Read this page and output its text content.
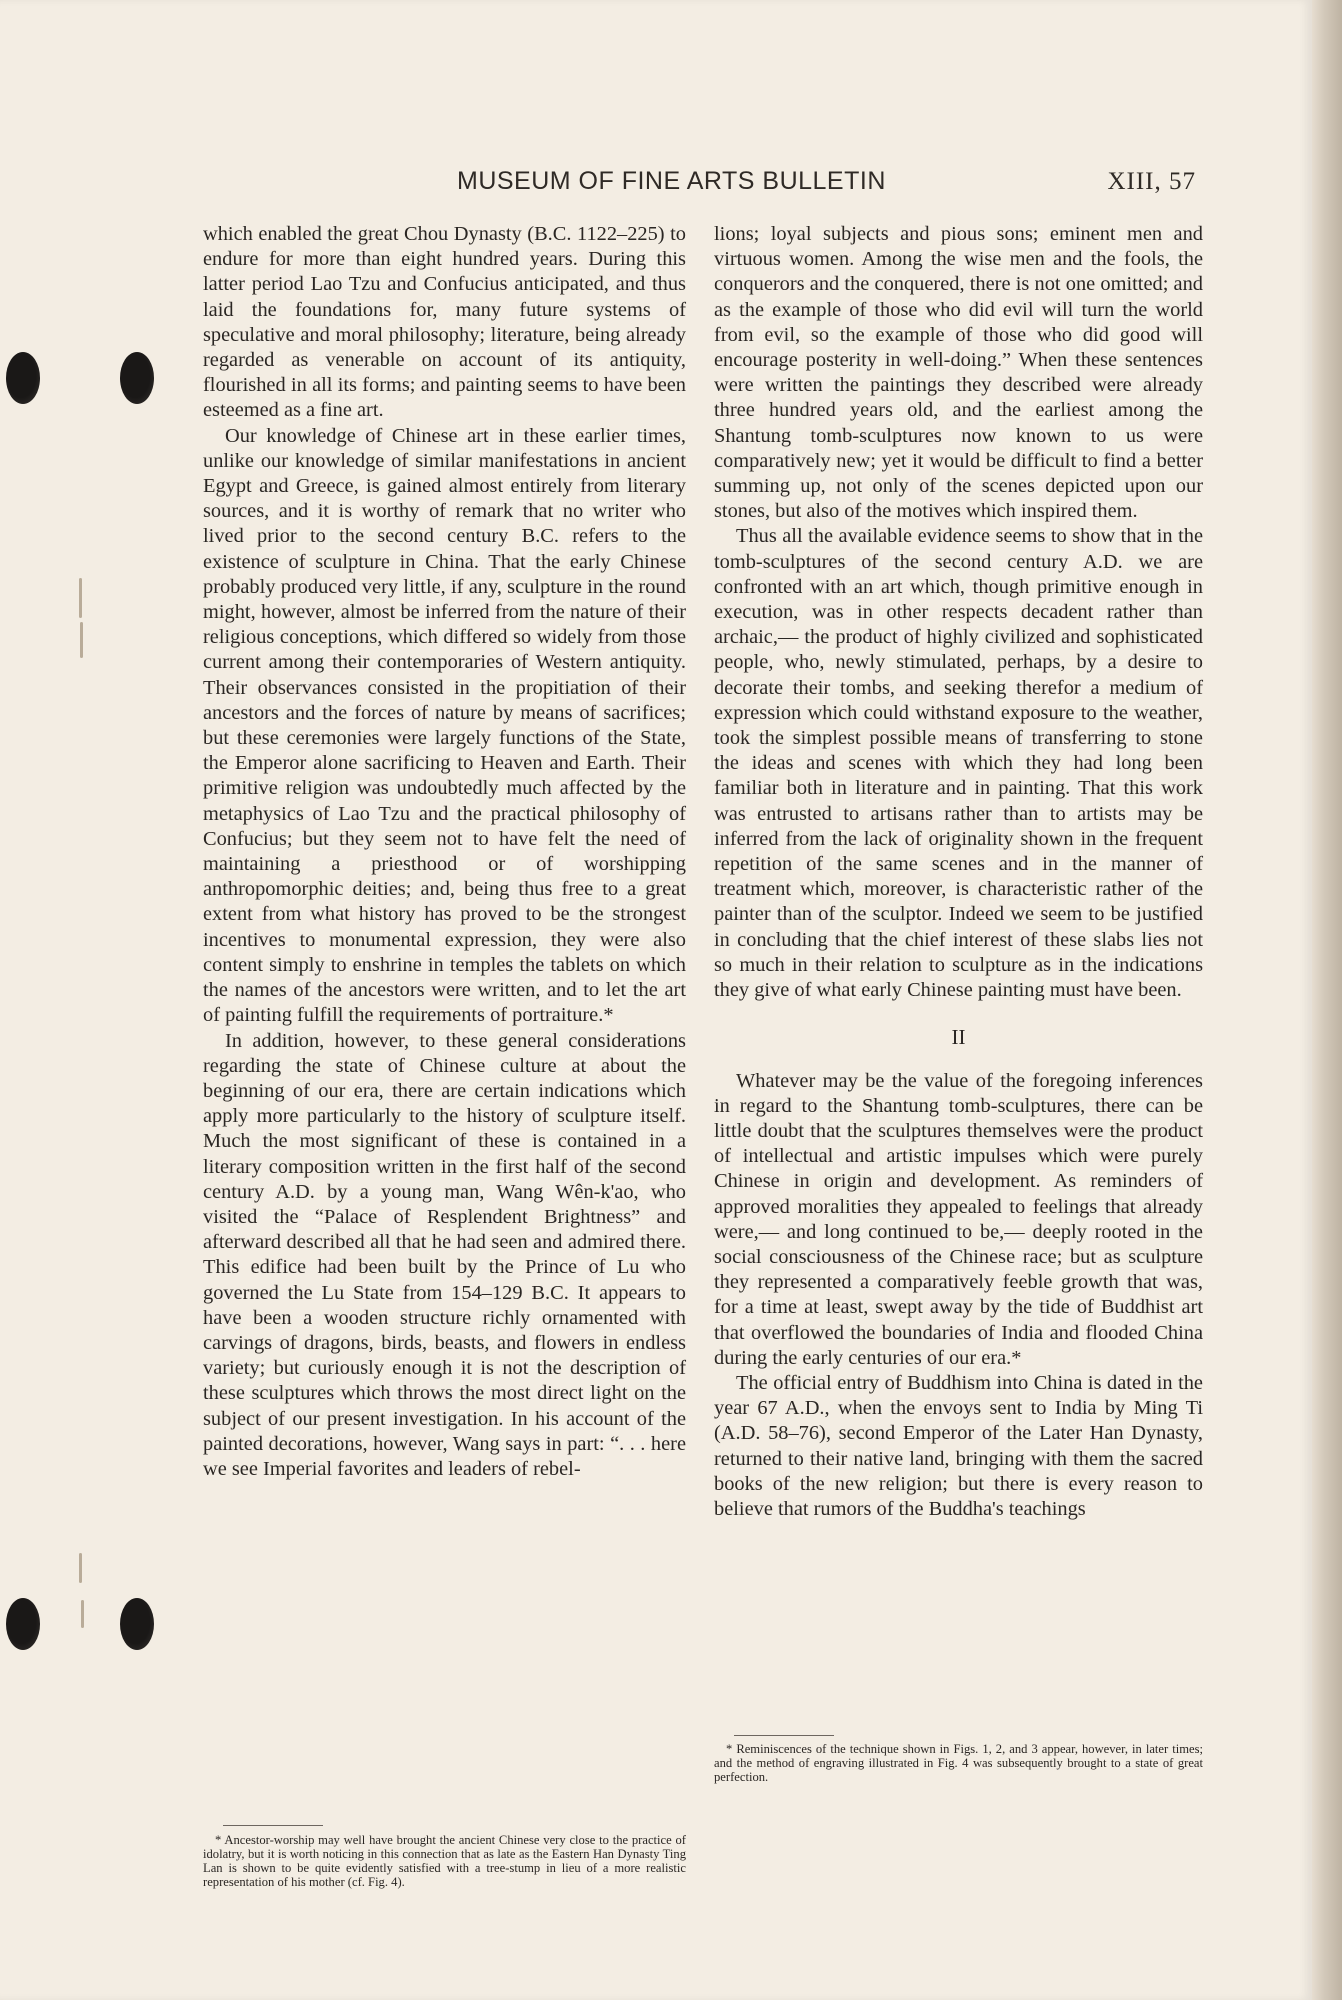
MUSEUM OF FINE ARTS BULLETIN	XIII, 57

which enabled the great Chou Dynasty (B.C. 1122–225) to endure for more than eight hundred years. During this latter period Lao Tzu and Confucius anticipated, and thus laid the foundations for, many future systems of speculative and moral philosophy; literature, being already regarded as venerable on account of its antiquity, flourished in all its forms; and painting seems to have been esteemed as a fine art.

Our knowledge of Chinese art in these earlier times, unlike our knowledge of similar manifestations in ancient Egypt and Greece, is gained almost entirely from literary sources, and it is worthy of remark that no writer who lived prior to the second century B.C. refers to the existence of sculpture in China. That the early Chinese probably produced very little, if any, sculpture in the round might, however, almost be inferred from the nature of their religious conceptions, which differed so widely from those current among their contemporaries of Western antiquity. Their observances consisted in the propitiation of their ancestors and the forces of nature by means of sacrifices; but these ceremonies were largely functions of the State, the Emperor alone sacrificing to Heaven and Earth. Their primitive religion was undoubtedly much affected by the metaphysics of Lao Tzu and the practical philosophy of Confucius; but they seem not to have felt the need of maintaining a priesthood or of worshipping anthropomorphic deities; and, being thus free to a great extent from what history has proved to be the strongest incentives to monumental expression, they were also content simply to enshrine in temples the tablets on which the names of the ancestors were written, and to let the art of painting fulfill the requirements of portraiture.*

In addition, however, to these general considerations regarding the state of Chinese culture at about the beginning of our era, there are certain indications which apply more particularly to the history of sculpture itself. Much the most significant of these is contained in a literary composition written in the first half of the second century A.D. by a young man, Wang Wên-k'ao, who visited the “Palace of Resplendent Brightness” and afterward described all that he had seen and admired there. This edifice had been built by the Prince of Lu who governed the Lu State from 154–129 B.C. It appears to have been a wooden structure richly ornamented with carvings of dragons, birds, beasts, and flowers in endless variety; but curiously enough it is not the description of these sculptures which throws the most direct light on the subject of our present investigation. In his account of the painted decorations, however, Wang says in part: “. . . here we see Imperial favorites and leaders of rebel-

lions; loyal subjects and pious sons; eminent men and virtuous women. Among the wise men and the fools, the conquerors and the conquered, there is not one omitted; and as the example of those who did evil will turn the world from evil, so the example of those who did good will encourage posterity in well-doing.” When these sentences were written the paintings they described were already three hundred years old, and the earliest among the Shantung tomb-sculptures now known to us were comparatively new; yet it would be difficult to find a better summing up, not only of the scenes depicted upon our stones, but also of the motives which inspired them.

Thus all the available evidence seems to show that in the tomb-sculptures of the second century A.D. we are confronted with an art which, though primitive enough in execution, was in other respects decadent rather than archaic,— the product of highly civilized and sophisticated people, who, newly stimulated, perhaps, by a desire to decorate their tombs, and seeking therefor a medium of expression which could withstand exposure to the weather, took the simplest possible means of transferring to stone the ideas and scenes with which they had long been familiar both in literature and in painting. That this work was entrusted to artisans rather than to artists may be inferred from the lack of originality shown in the frequent repetition of the same scenes and in the manner of treatment which, moreover, is characteristic rather of the painter than of the sculptor. Indeed we seem to be justified in concluding that the chief interest of these slabs lies not so much in their relation to sculpture as in the indications they give of what early Chinese painting must have been.

II

Whatever may be the value of the foregoing inferences in regard to the Shantung tomb-sculptures, there can be little doubt that the sculptures themselves were the product of intellectual and artistic impulses which were purely Chinese in origin and development. As reminders of approved moralities they appealed to feelings that already were,— and long continued to be,— deeply rooted in the social consciousness of the Chinese race; but as sculpture they represented a comparatively feeble growth that was, for a time at least, swept away by the tide of Buddhist art that overflowed the boundaries of India and flooded China during the early centuries of our era.*

The official entry of Buddhism into China is dated in the year 67 A.D., when the envoys sent to India by Ming Ti (A.D. 58–76), second Emperor of the Later Han Dynasty, returned to their native land, bringing with them the sacred books of the new religion; but there is every reason to believe that rumors of the Buddha's teachings

* Ancestor-worship may well have brought the ancient Chinese very close to the practice of idolatry, but it is worth noticing in this connection that as late as the Eastern Han Dynasty Ting Lan is shown to be quite evidently satisfied with a tree-stump in lieu of a more realistic representation of his mother (cf. Fig. 4).

* Reminiscences of the technique shown in Figs. 1, 2, and 3 appear, however, in later times; and the method of engraving illustrated in Fig. 4 was subsequently brought to a state of great perfection.
